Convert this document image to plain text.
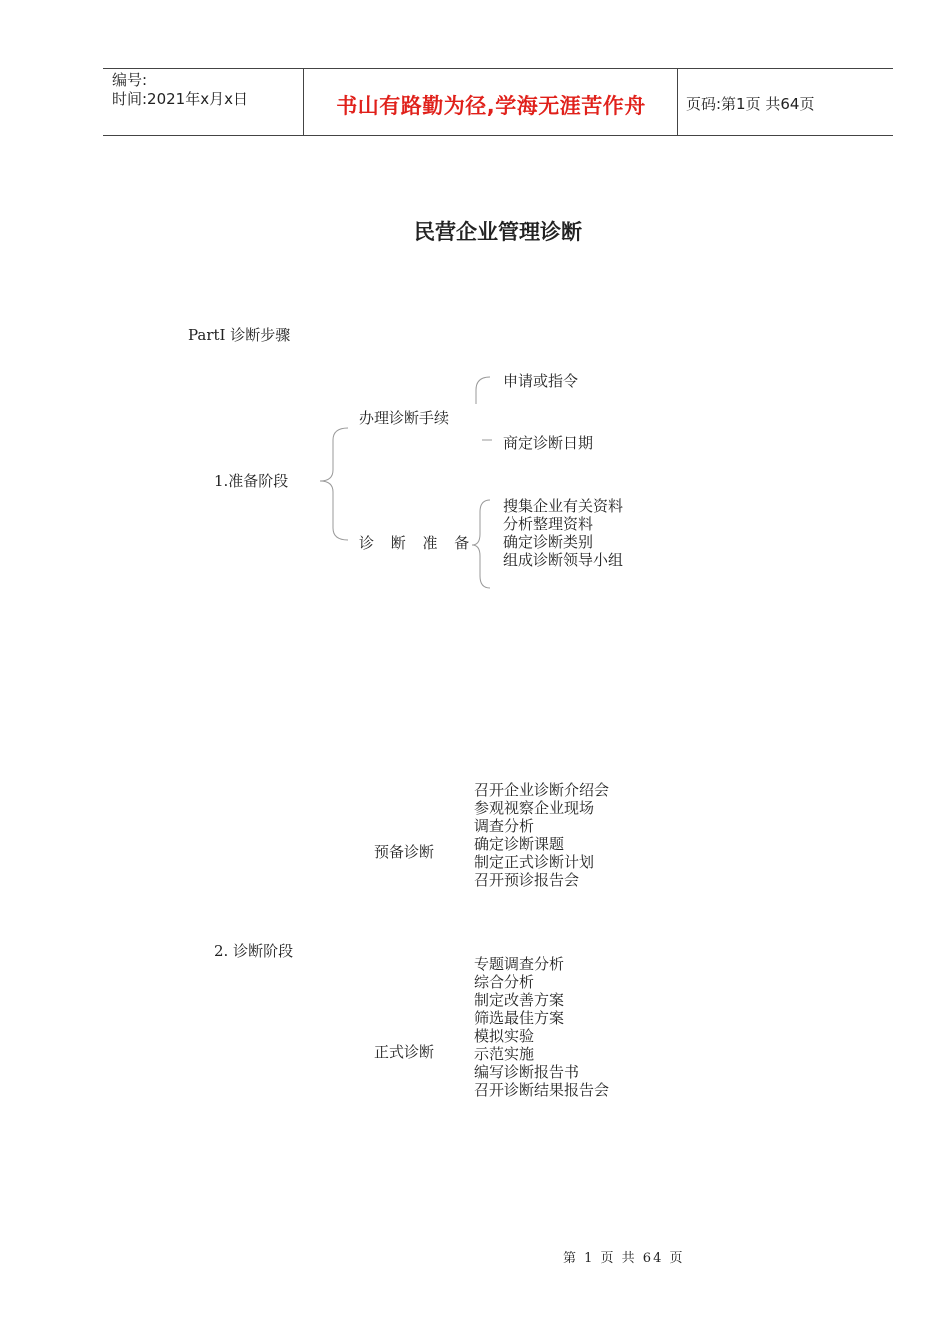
编号:
时间:2021年x月x日	书山有路勤为径,学海无涯苦作舟	页码:第1页 共64页
民营企业管理诊断
PartⅠ 诊断步骤
1.准备阶段
办理诊断手续
申请或指令
商定诊断日期
诊 断 准 备
搜集企业有关资料
分析整理资料
确定诊断类别
组成诊断领导小组
2. 诊断阶段
预备诊断
召开企业诊断介绍会
参观视察企业现场
调查分析
确定诊断课题
制定正式诊断计划
召开预诊报告会
正式诊断
专题调查分析
综合分析
制定改善方案
筛选最佳方案
模拟实验
示范实施
编写诊断报告书
召开诊断结果报告会
第 1 页 共 64 页
